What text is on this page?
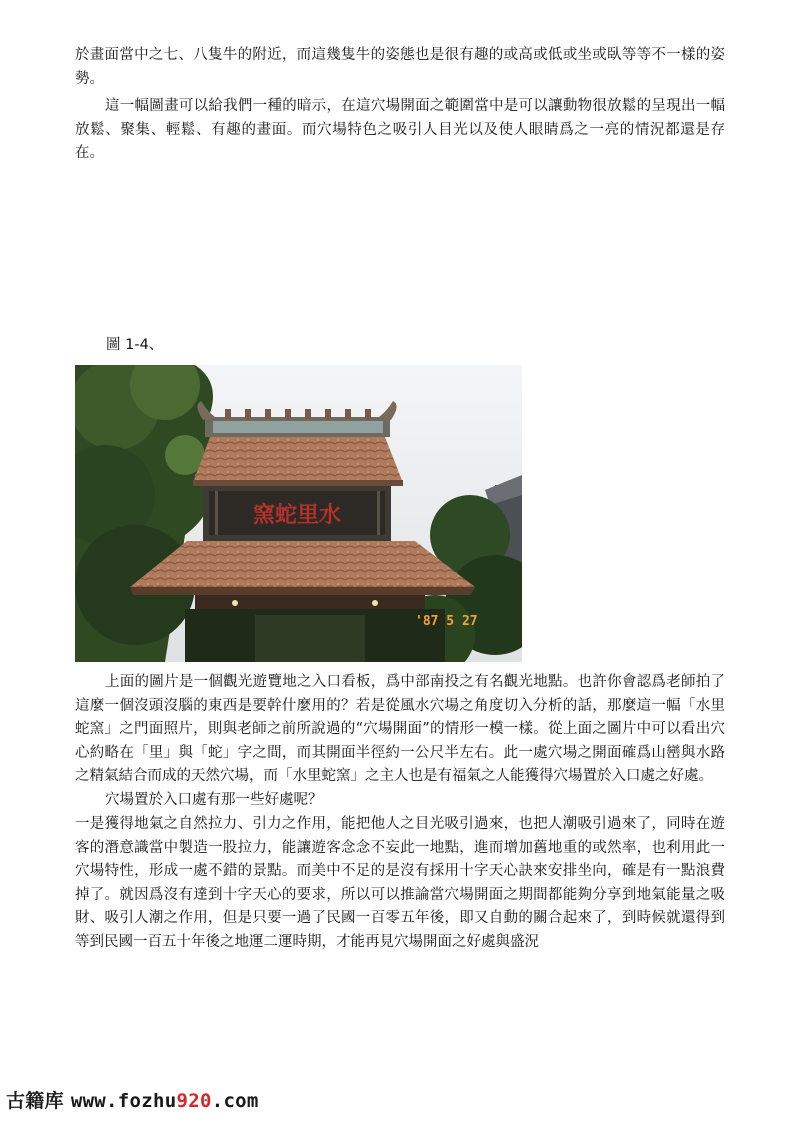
於畫面當中之七、八隻牛的附近，而這幾隻牛的姿態也是很有趣的或高或低或坐或臥等等不一樣的姿勢。

這一幅圖畫可以給我們一種的暗示，在這穴場開面之範圍當中是可以讓動物很放鬆的呈現出一幅放鬆、聚集、輕鬆、有趣的畫面。而穴場特色之吸引人目光以及使人眼睛爲之一亮的情況都還是存在。

圖 1-4、

窯蛇里水
'87 5 27

上面的圖片是一個觀光遊覽地之入口看板，爲中部南投之有名觀光地點。也許你會認爲老師拍了這麼一個沒頭沒腦的東西是要幹什麼用的？若是從風水穴場之角度切入分析的話，那麼這一幅「水里蛇窯」之門面照片，則與老師之前所說過的“穴場開面”的情形一模一樣。從上面之圖片中可以看出穴心約略在「里」與「蛇」字之間，而其開面半徑約一公尺半左右。此一處穴場之開面確爲山巒與水路之精氣結合而成的天然穴場，而「水里蛇窯」之主人也是有福氣之人能獲得穴場置於入口處之好處。

穴場置於入口處有那一些好處呢？

一是獲得地氣之自然拉力、引力之作用，能把他人之目光吸引過來，也把人潮吸引過來了，同時在遊客的潛意識當中製造一股拉力，能讓遊客念念不妄此一地點，進而增加舊地重的或然率，也利用此一穴場特性，形成一處不錯的景點。而美中不足的是沒有採用十字天心訣來安排坐向，確是有一點浪費掉了。就因爲沒有達到十字天心的要求，所以可以推論當穴場開面之期間都能夠分享到地氣能量之吸財、吸引人潮之作用，但是只要一過了民國一百零五年後，即又自動的關合起來了，到時候就還得到等到民國一百五十年後之地運二運時期，才能再見穴場開面之好處與盛況

古籍库 www.fozhu920.com
